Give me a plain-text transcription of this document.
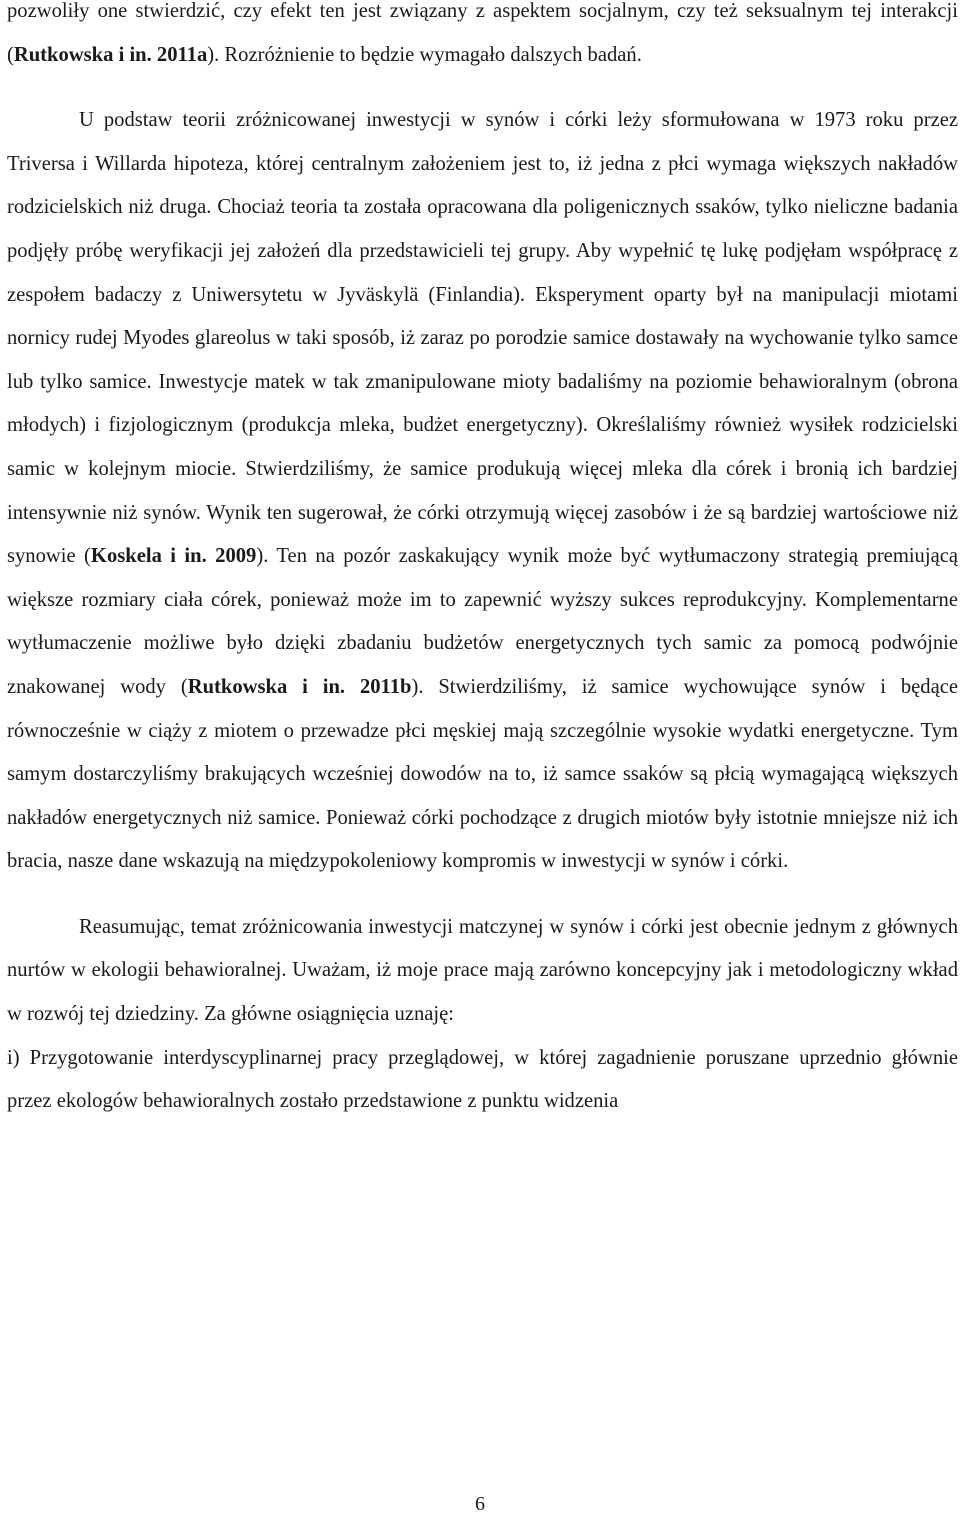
pozwoliły one stwierdzić, czy efekt ten jest związany z aspektem socjalnym, czy też seksualnym tej interakcji (Rutkowska i in. 2011a). Rozróżnienie to będzie wymagało dalszych badań.

U podstaw teorii zróżnicowanej inwestycji w synów i córki leży sformułowana w 1973 roku przez Triversa i Willarda hipoteza, której centralnym założeniem jest to, iż jedna z płci wymaga większych nakładów rodzicielskich niż druga. Chociaż teoria ta została opracowana dla poligenicznych ssaków, tylko nieliczne badania podjęły próbę weryfikacji jej założeń dla przedstawicieli tej grupy. Aby wypełnić tę lukę podjęłam współpracę z zespołem badaczy z Uniwersytetu w Jyväskylä (Finlandia). Eksperyment oparty był na manipulacji miotami nornicy rudej Myodes glareolus w taki sposób, iż zaraz po porodzie samice dostawały na wychowanie tylko samce lub tylko samice. Inwestycje matek w tak zmanipulowane mioty badaliśmy na poziomie behawioralnym (obrona młodych) i fizjologicznym (produkcja mleka, budżet energetyczny). Określaliśmy również wysiłek rodzicielski samic w kolejnym miocie. Stwierdziliśmy, że samice produkują więcej mleka dla córek i bronią ich bardziej intensywnie niż synów. Wynik ten sugerował, że córki otrzymują więcej zasobów i że są bardziej wartościowe niż synowie (Koskela i in. 2009). Ten na pozór zaskakujący wynik może być wytłumaczony strategią premiującą większe rozmiary ciała córek, ponieważ może im to zapewnić wyższy sukces reprodukcyjny. Komplementarne wytłumaczenie możliwe było dzięki zbadaniu budżetów energetycznych tych samic za pomocą podwójnie znakowanej wody (Rutkowska i in. 2011b). Stwierdziliśmy, iż samice wychowujące synów i będące równocześnie w ciąży z miotem o przewadze płci męskiej mają szczególnie wysokie wydatki energetyczne. Tym samym dostarczyliśmy brakujących wcześniej dowodów na to, iż samce ssaków są płcią wymagającą większych nakładów energetycznych niż samice. Ponieważ córki pochodzące z drugich miotów były istotnie mniejsze niż ich bracia, nasze dane wskazują na międzypokoleniowy kompromis w inwestycji w synów i córki.

Reasumując, temat zróżnicowania inwestycji matczynej w synów i córki jest obecnie jednym z głównych nurtów w ekologii behawioralnej. Uważam, iż moje prace mają zarówno koncepcyjny jak i metodologiczny wkład w rozwój tej dziedziny. Za główne osiągnięcia uznaję:

i) Przygotowanie interdyscyplinarnej pracy przeglądowej, w której zagadnienie poruszane uprzednio głównie przez ekologów behawioralnych zostało przedstawione z punktu widzenia

6
